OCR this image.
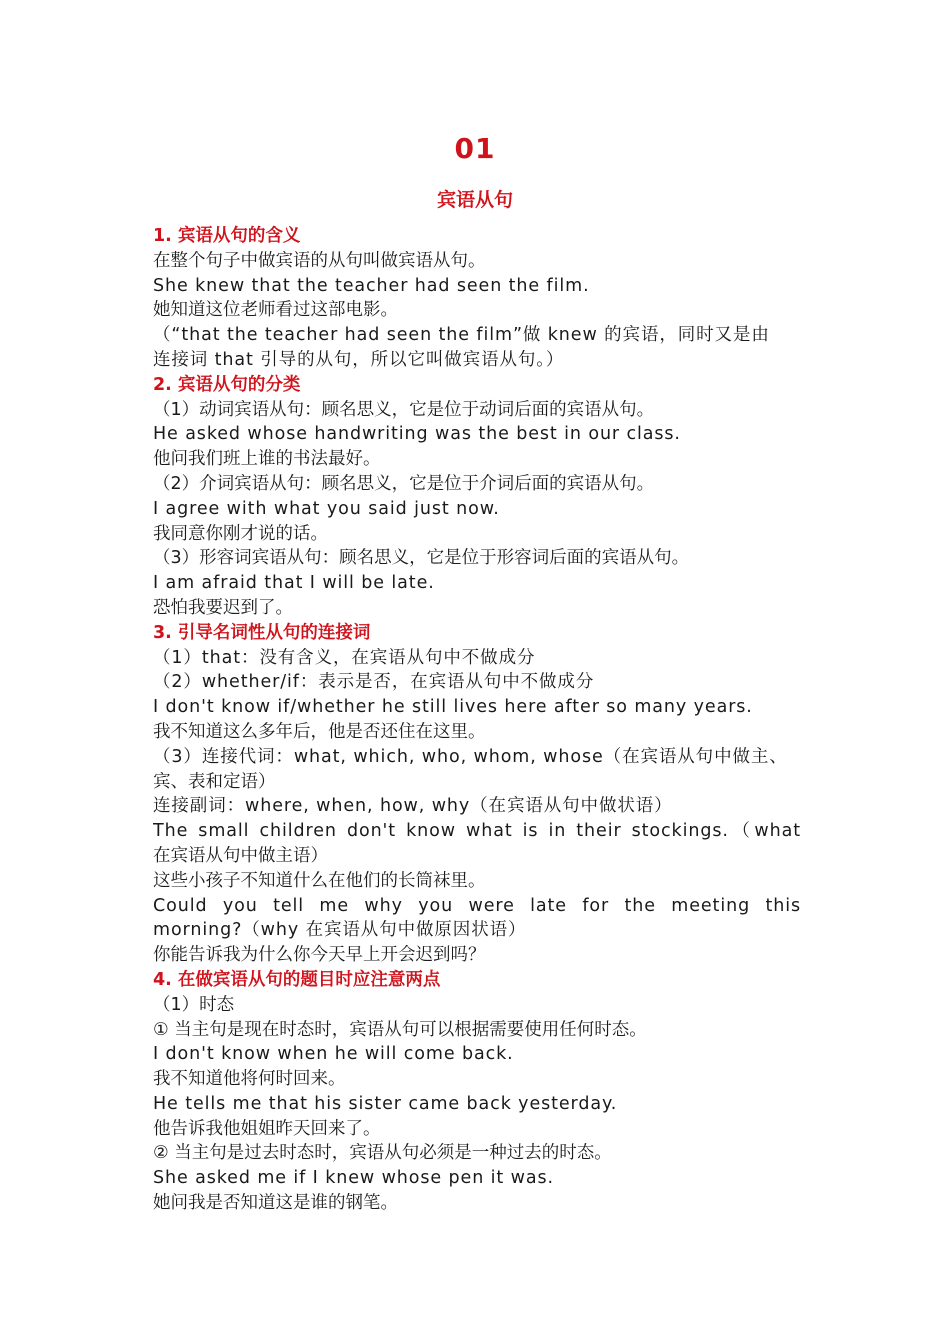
01
宾语从句
1. 宾语从句的含义
在整个句子中做宾语的从句叫做宾语从句。
She knew that the teacher had seen the film.
她知道这位老师看过这部电影。
（“that the teacher had seen the film”做 knew 的宾语，同时又是由
连接词 that 引导的从句，所以它叫做宾语从句。）
2. 宾语从句的分类
（1）动词宾语从句：顾名思义，它是位于动词后面的宾语从句。
He asked whose handwriting was the best in our class.
他问我们班上谁的书法最好。
（2）介词宾语从句：顾名思义，它是位于介词后面的宾语从句。
I agree with what you said just now.
我同意你刚才说的话。
（3）形容词宾语从句：顾名思义，它是位于形容词后面的宾语从句。
I am afraid that I will be late.
恐怕我要迟到了。
3. 引导名词性从句的连接词
（1）that：没有含义，在宾语从句中不做成分
（2）whether/if：表示是否，在宾语从句中不做成分
I don't know if/whether he still lives here after so many years.
我不知道这么多年后，他是否还住在这里。
（3）连接代词：what, which, who, whom, whose（在宾语从句中做主、
宾、表和定语）
连接副词：where, when, how, why（在宾语从句中做状语）
The small children don't know what is in their stockings.（what
在宾语从句中做主语）
这些小孩子不知道什么在他们的长筒袜里。
Could you tell me why you were late for the meeting this
morning?（why 在宾语从句中做原因状语）
你能告诉我为什么你今天早上开会迟到吗？
4. 在做宾语从句的题目时应注意两点
（1）时态
① 当主句是现在时态时，宾语从句可以根据需要使用任何时态。
I don't know when he will come back.
我不知道他将何时回来。
He tells me that his sister came back yesterday.
他告诉我他姐姐昨天回来了。
② 当主句是过去时态时，宾语从句必须是一种过去的时态。
She asked me if I knew whose pen it was.
她问我是否知道这是谁的钢笔。
